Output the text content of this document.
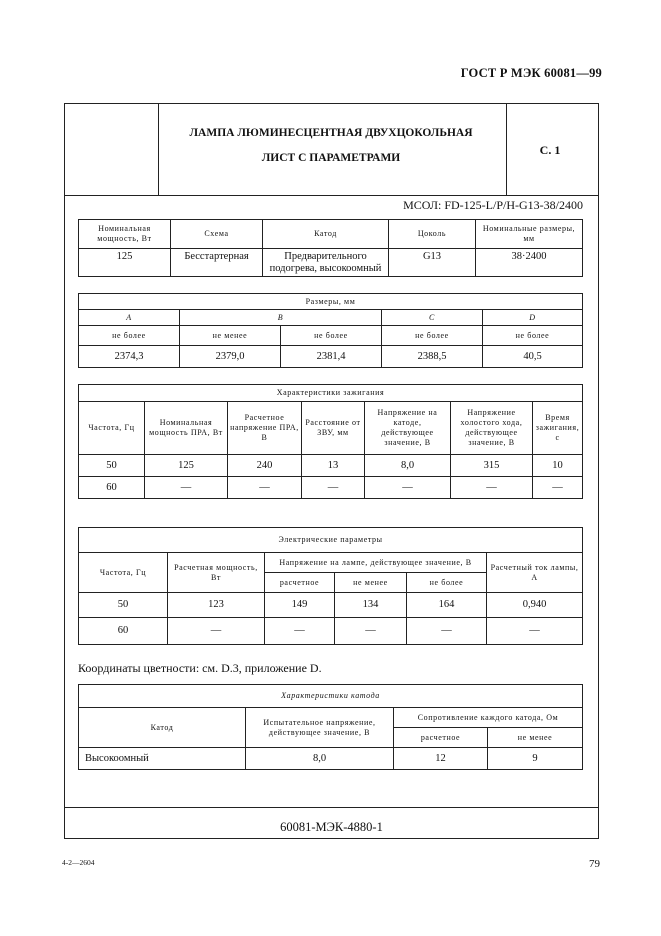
ГОСТ Р МЭК 60081—99
ЛАМПА ЛЮМИНЕСЦЕНТНАЯ ДВУХЦОКОЛЬНАЯ
ЛИСТ С ПАРАМЕТРАМИ
С. 1
МСОЛ: FD-125-L/P/H-G13-38/2400
Номинальная мощность, Вт	Схема	Катод	Цоколь	Номинальные размеры, мм
125	Бесстартерная	Предварительного подогрева, высокоомный	G13	38·2400
Размеры, мм				
A	B		C	D
не более	не менее	не более	не более	не более
2374,3	2379,0	2381,4	2388,5	40,5
Характеристики зажигания						
Частота, Гц	Номинальная мощность ПРА, Вт	Расчетное напряжение ПРА, В	Расстояние от ЗВУ, мм	Напряжение на катоде, действующее значение, В	Напряжение холостого хода, действующее значение, В	Время зажигания, с
50	125	240	13	8,0	315	10
60	—	—	—	—	—	—
Электрические параметры					
Частота, Гц	Расчетная мощность, Вт	Напряжение на лампе, действующее значение, В			Расчетный ток лампы, А
		расчетное	не менее	не более	
50	123	149	134	164	0,940
60	—	—	—	—	—
Координаты цветности: см. D.3, приложение D.
Характеристики катода			
Катод	Испытательное напряжение, действующее значение, В	Сопротивление каждого катода, Ом	
		расчетное	не менее
Высокоомный	8,0	12	9
60081-МЭК-4880-1
4-2—2604	79
